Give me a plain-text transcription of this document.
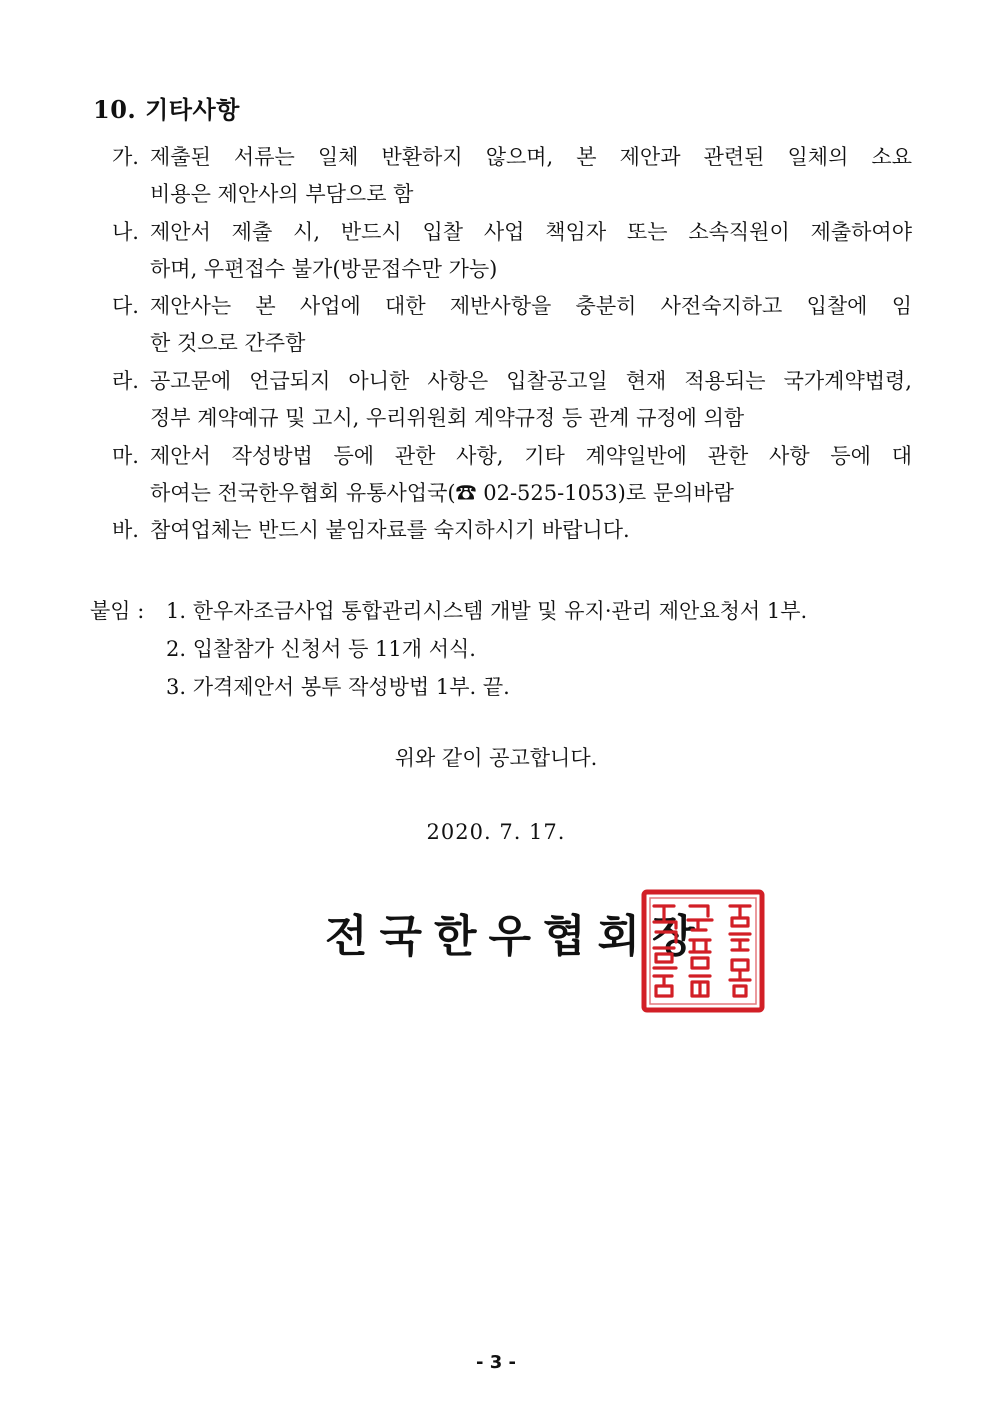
10. 기타사항
가. 제출된 서류는 일체 반환하지 않으며, 본 제안과 관련된 일체의 소요
비용은 제안사의 부담으로 함
나. 제안서 제출 시, 반드시 입찰 사업 책임자 또는 소속직원이 제출하여야
하며, 우편접수 불가(방문접수만 가능)
다. 제안사는 본 사업에 대한 제반사항을 충분히 사전숙지하고 입찰에 임
한 것으로 간주함
라. 공고문에 언급되지 아니한 사항은 입찰공고일 현재 적용되는 국가계약법령,
정부 계약예규 및 고시, 우리위원회 계약규정 등 관계 규정에 의함
마. 제안서 작성방법 등에 관한 사항, 기타 계약일반에 관한 사항 등에 대
하여는 전국한우협회 유통사업국(☎ 02-525-1053)로 문의바람
바. 참여업체는 반드시 붙임자료를 숙지하시기 바랍니다.
붙임 : 1. 한우자조금사업 통합관리시스템 개발 및 유지·관리 제안요청서 1부.
2. 입찰참가 신청서 등 11개 서식.
3. 가격제안서 봉투 작성방법 1부. 끝.
위와 같이 공고합니다.
2020. 7. 17.
전국한우협회장
- 3 -
